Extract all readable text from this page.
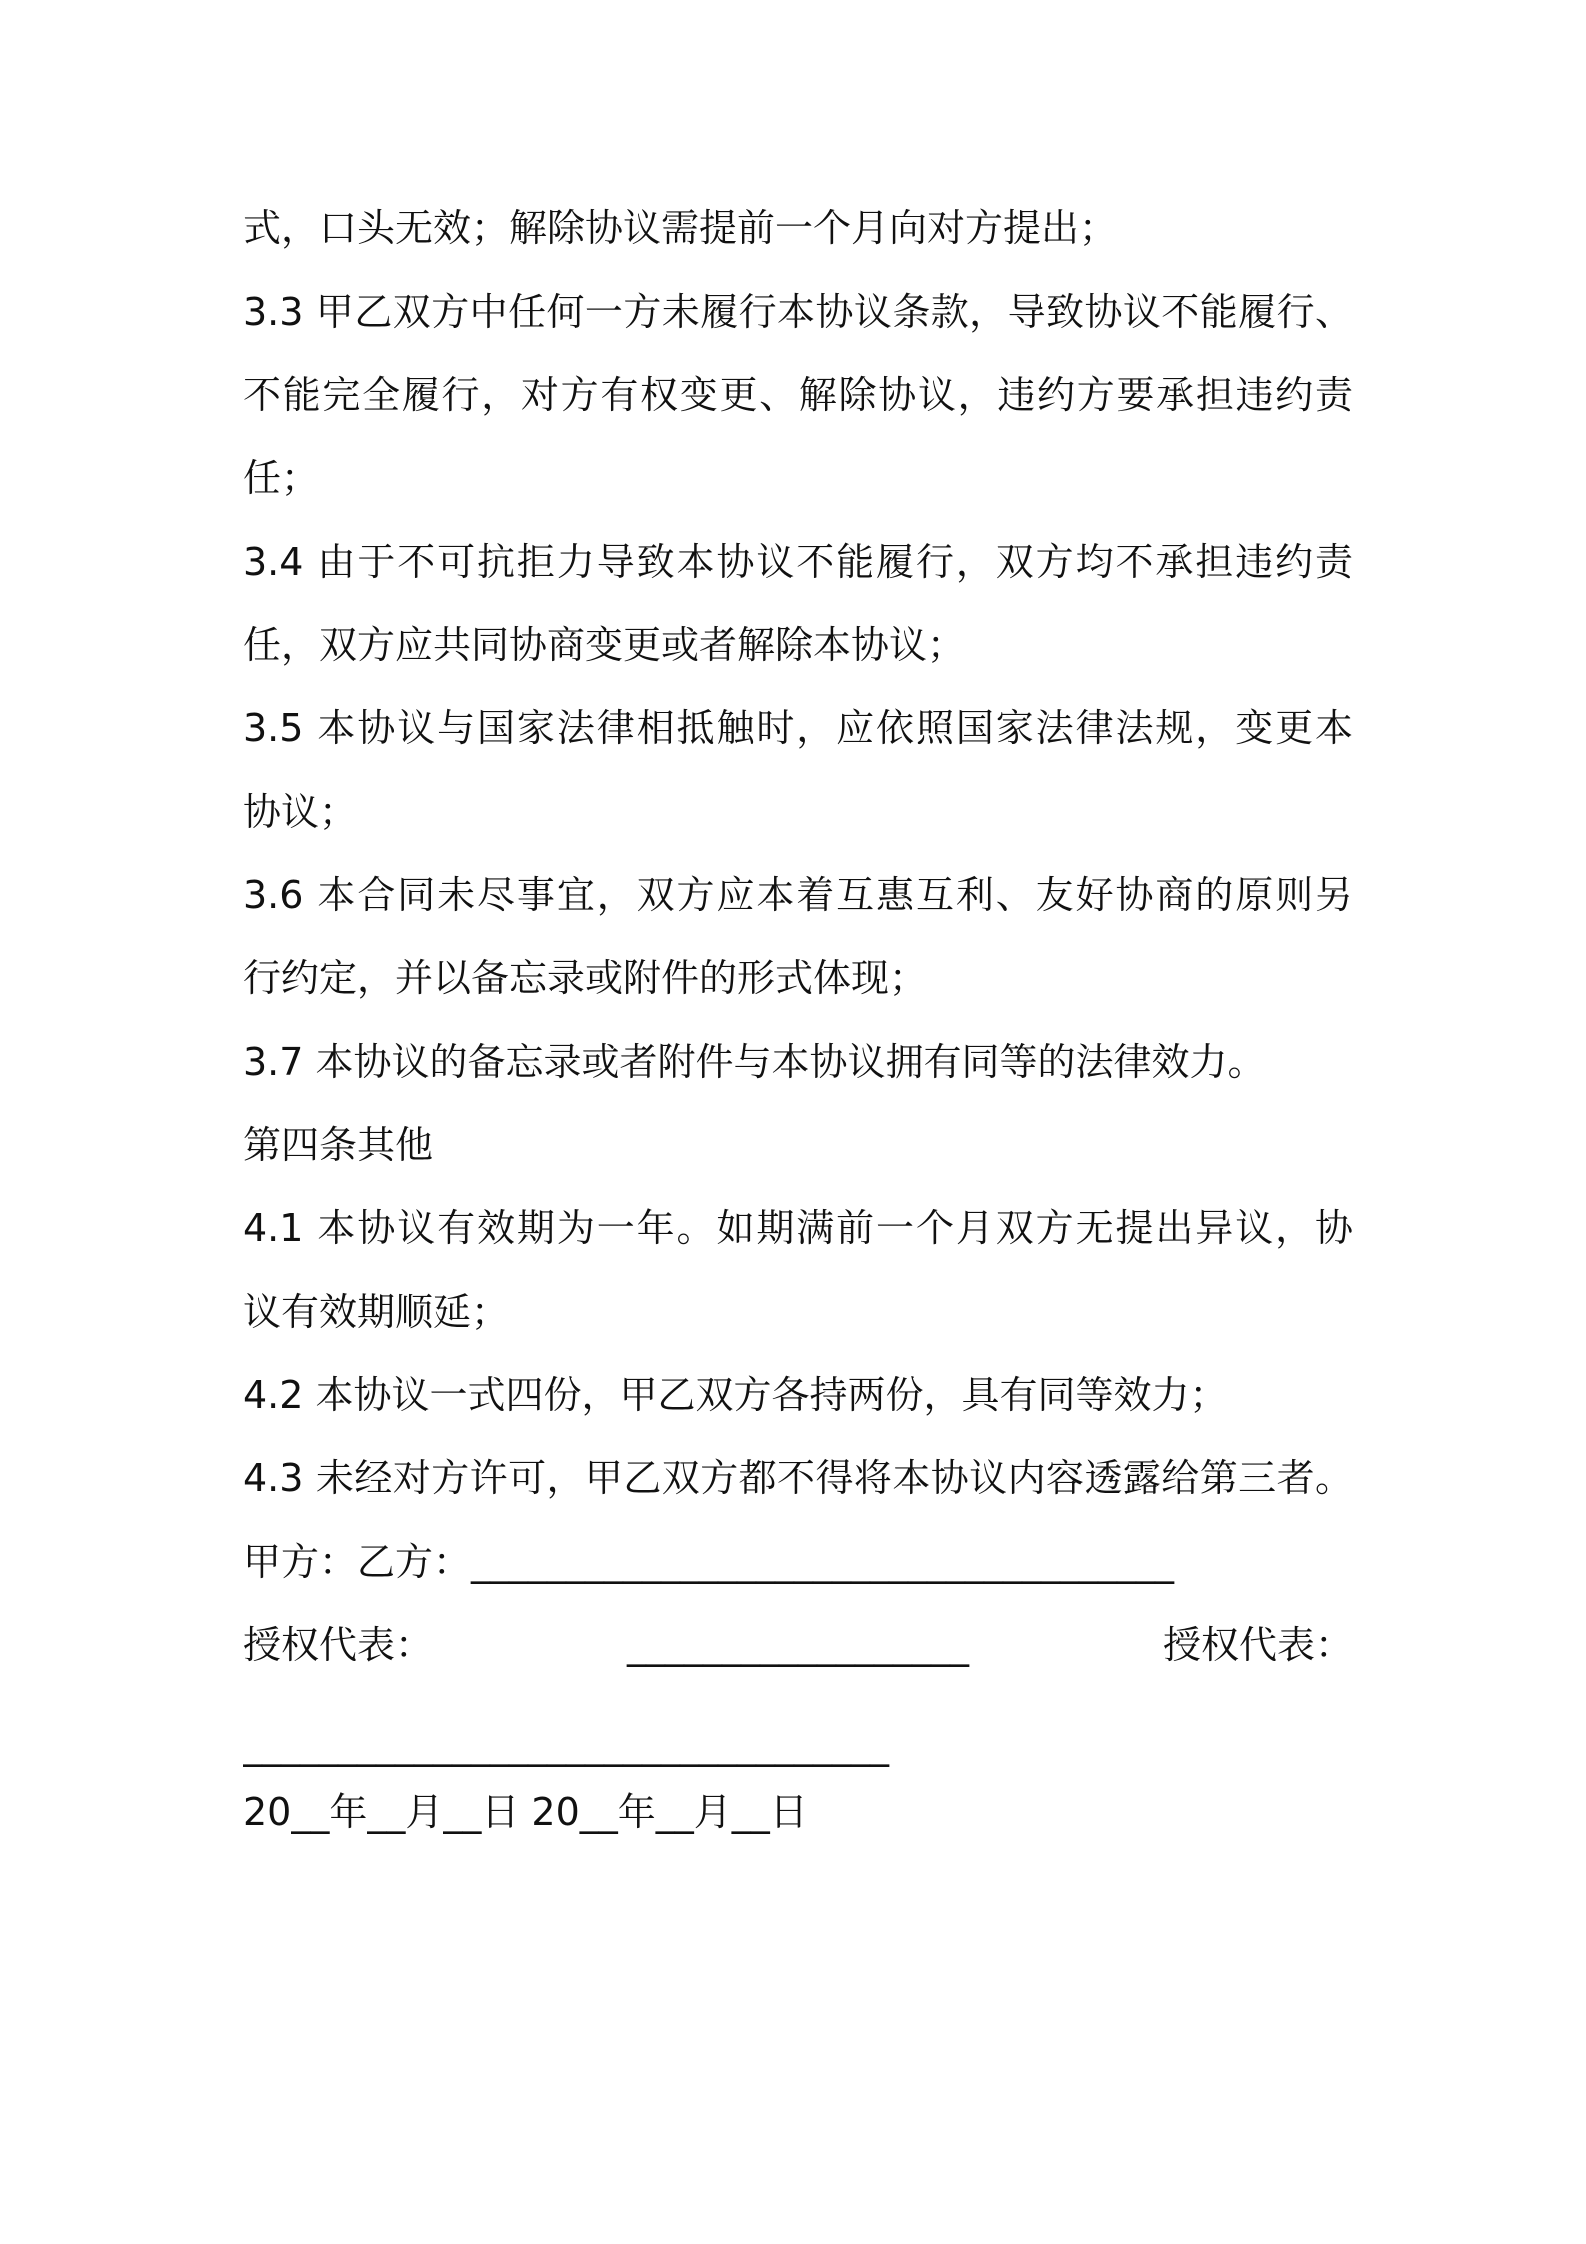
式，口头无效；解除协议需提前一个月向对方提出；
3.3 甲乙双方中任何一方未履行本协议条款，导致协议不能履行、
不能完全履行，对方有权变更、解除协议，违约方要承担违约责
任；
3.4 由于不可抗拒力导致本协议不能履行，双方均不承担违约责
任，双方应共同协商变更或者解除本协议；
3.5 本协议与国家法律相抵触时，应依照国家法律法规，变更本
协议；
3.6 本合同未尽事宜，双方应本着互惠互利、友好协商的原则另
行约定，并以备忘录或附件的形式体现；
3.7 本协议的备忘录或者附件与本协议拥有同等的法律效力。
第四条其他
4.1 本协议有效期为一年。如期满前一个月双方无提出异议，协
议有效期顺延；
4.2 本协议一式四份，甲乙双方各持两份，具有同等效力；
4.3 未经对方许可，甲乙双方都不得将本协议内容透露给第三者。
甲方：乙方：_____________________________________
授权代表：	__________________	授权代表：
__________________________________
20__年__月__日 20__年__月__日
